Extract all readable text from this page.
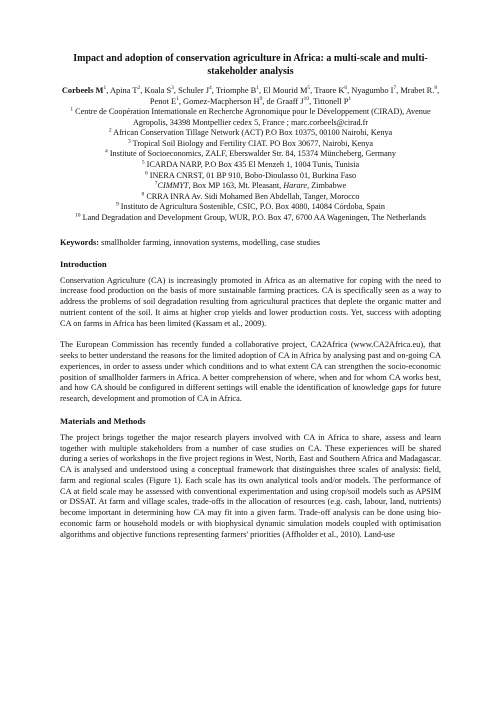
Impact and adoption of conservation agriculture in Africa: a multi-scale and multi-stakeholder analysis
Corbeels $M^1$, Apina $T^2$, Koala $S^3$, Schuler $J^4$, Triomphe $B^1$, El Mourid $M^5$, Traore $K^6$, Nyagumbo $I^7$, Mrabet R.$^8$, Penot $E^1$, Gomez-Macpherson $H^9$, de Graaff $J^{10}$, Tittonell $P^1$
$^1$ Centre de Coopération Internationale en Recherche Agronomique pour le Développement (CIRAD), Avenue Agropolis, 34398 Montpellier cedex 5, France ; marc.corbeels@cirad.fr
$^2$ African Conservation Tillage Network (ACT) P.O Box 10375, 00100 Nairobi, Kenya
$^3$ Tropical Soil Biology and Fertility CIAT. PO Box 30677, Nairobi, Kenya
$^4$ Institute of Socioeconomics, ZALF, Eberswalder Str. 84, 15374 Müncheberg, Germany
$^5$ ICARDA NARP, P.O Box 435 El Menzeh 1, 1004 Tunis, Tunisia
$^6$ INERA CNRST, 01 BP 910, Bobo-Dioulasso 01, Burkina Faso
$^7$CIMMYT, Box MP 163, Mt. Pleasant, Harare, Zimbabwe
$^8$ CRRA INRA Av. Sidi Mohamed Ben Abdellah, Tanger, Morocco
$^9$ Instituto de Agricultura Sostenible, CSIC, P.O. Box 4080, 14084 Córdoba, Spain
$^{10}$ Land Degradation and Development Group, WUR, P.O. Box 47, 6700 AA Wageningen, The Netherlands
Keywords: smallholder farming, innovation systems, modelling, case studies
Introduction

Conservation Agriculture (CA) is increasingly promoted in Africa as an alternative for coping with the need to increase food production on the basis of more sustainable farming practices. CA is specifically seen as a way to address the problems of soil degradation resulting from agricultural practices that deplete the organic matter and nutrient content of the soil. It aims at higher crop yields and lower production costs. Yet, success with adopting CA on farms in Africa has been limited (Kassam et al., 2009).

The European Commission has recently funded a collaborative project, CA2Africa (www.CA2Africa.eu), that seeks to better understand the reasons for the limited adoption of CA in Africa by analysing past and on-going CA experiences, in order to assess under which conditions and to what extent CA can strengthen the socio-economic position of smallholder farmers in Africa. A better comprehension of where, when and for whom CA works best, and how CA should be configured in different settings will enable the identification of knowledge gaps for future research, development and promotion of CA in Africa.

Materials and Methods

The project brings together the major research players involved with CA in Africa to share, assess and learn together with multiple stakeholders from a number of case studies on CA. These experiences will be shared during a series of workshops in the five project regions in West, North, East and Southern Africa and Madagascar. CA is analysed and understood using a conceptual framework that distinguishes three scales of analysis: field, farm and regional scales (Figure 1). Each scale has its own analytical tools and/or models. The performance of CA at field scale may be assessed with conventional experimentation and using crop/soil models such as APSIM or DSSAT. At farm and village scales, trade-offs in the allocation of resources (e.g. cash, labour, land, nutrients) become important in determining how CA may fit into a given farm. Trade-off analysis can be done using bio-economic farm or household models or with biophysical dynamic simulation models coupled with optimisation algorithms and objective functions representing farmers' priorities (Affholder et al., 2010). Land-use
